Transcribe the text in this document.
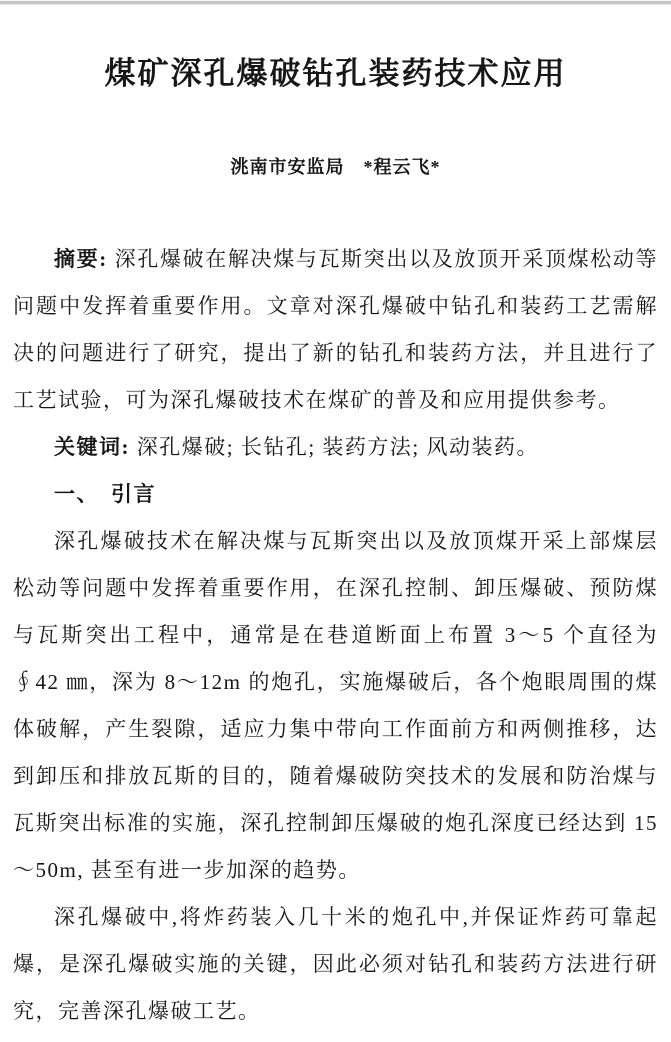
煤矿深孔爆破钻孔装药技术应用
洮南市安监局　*程云飞*

摘要: 深孔爆破在解决煤与瓦斯突出以及放顶开采顶煤松动等问题中发挥着重要作用。文章对深孔爆破中钻孔和装药工艺需解决的问题进行了研究，提出了新的钻孔和装药方法，并且进行了工艺试验，可为深孔爆破技术在煤矿的普及和应用提供参考。

关键词: 深孔爆破; 长钻孔; 装药方法; 风动装药。

一、　引言

深孔爆破技术在解决煤与瓦斯突出以及放顶煤开采上部煤层松动等问题中发挥着重要作用，在深孔控制、卸压爆破、预防煤与瓦斯突出工程中，通常是在巷道断面上布置 3～5 个直径为 ∮42 ㎜，深为 8～12m 的炮孔，实施爆破后，各个炮眼周围的煤体破解，产生裂隙，适应力集中带向工作面前方和两侧推移，达到卸压和排放瓦斯的目的，随着爆破防突技术的发展和防治煤与瓦斯突出标准的实施，深孔控制卸压爆破的炮孔深度已经达到 15～50m, 甚至有进一步加深的趋势。

深孔爆破中,将炸药装入几十米的炮孔中,并保证炸药可靠起爆，是深孔爆破实施的关键，因此必须对钻孔和装药方法进行研究，完善深孔爆破工艺。
